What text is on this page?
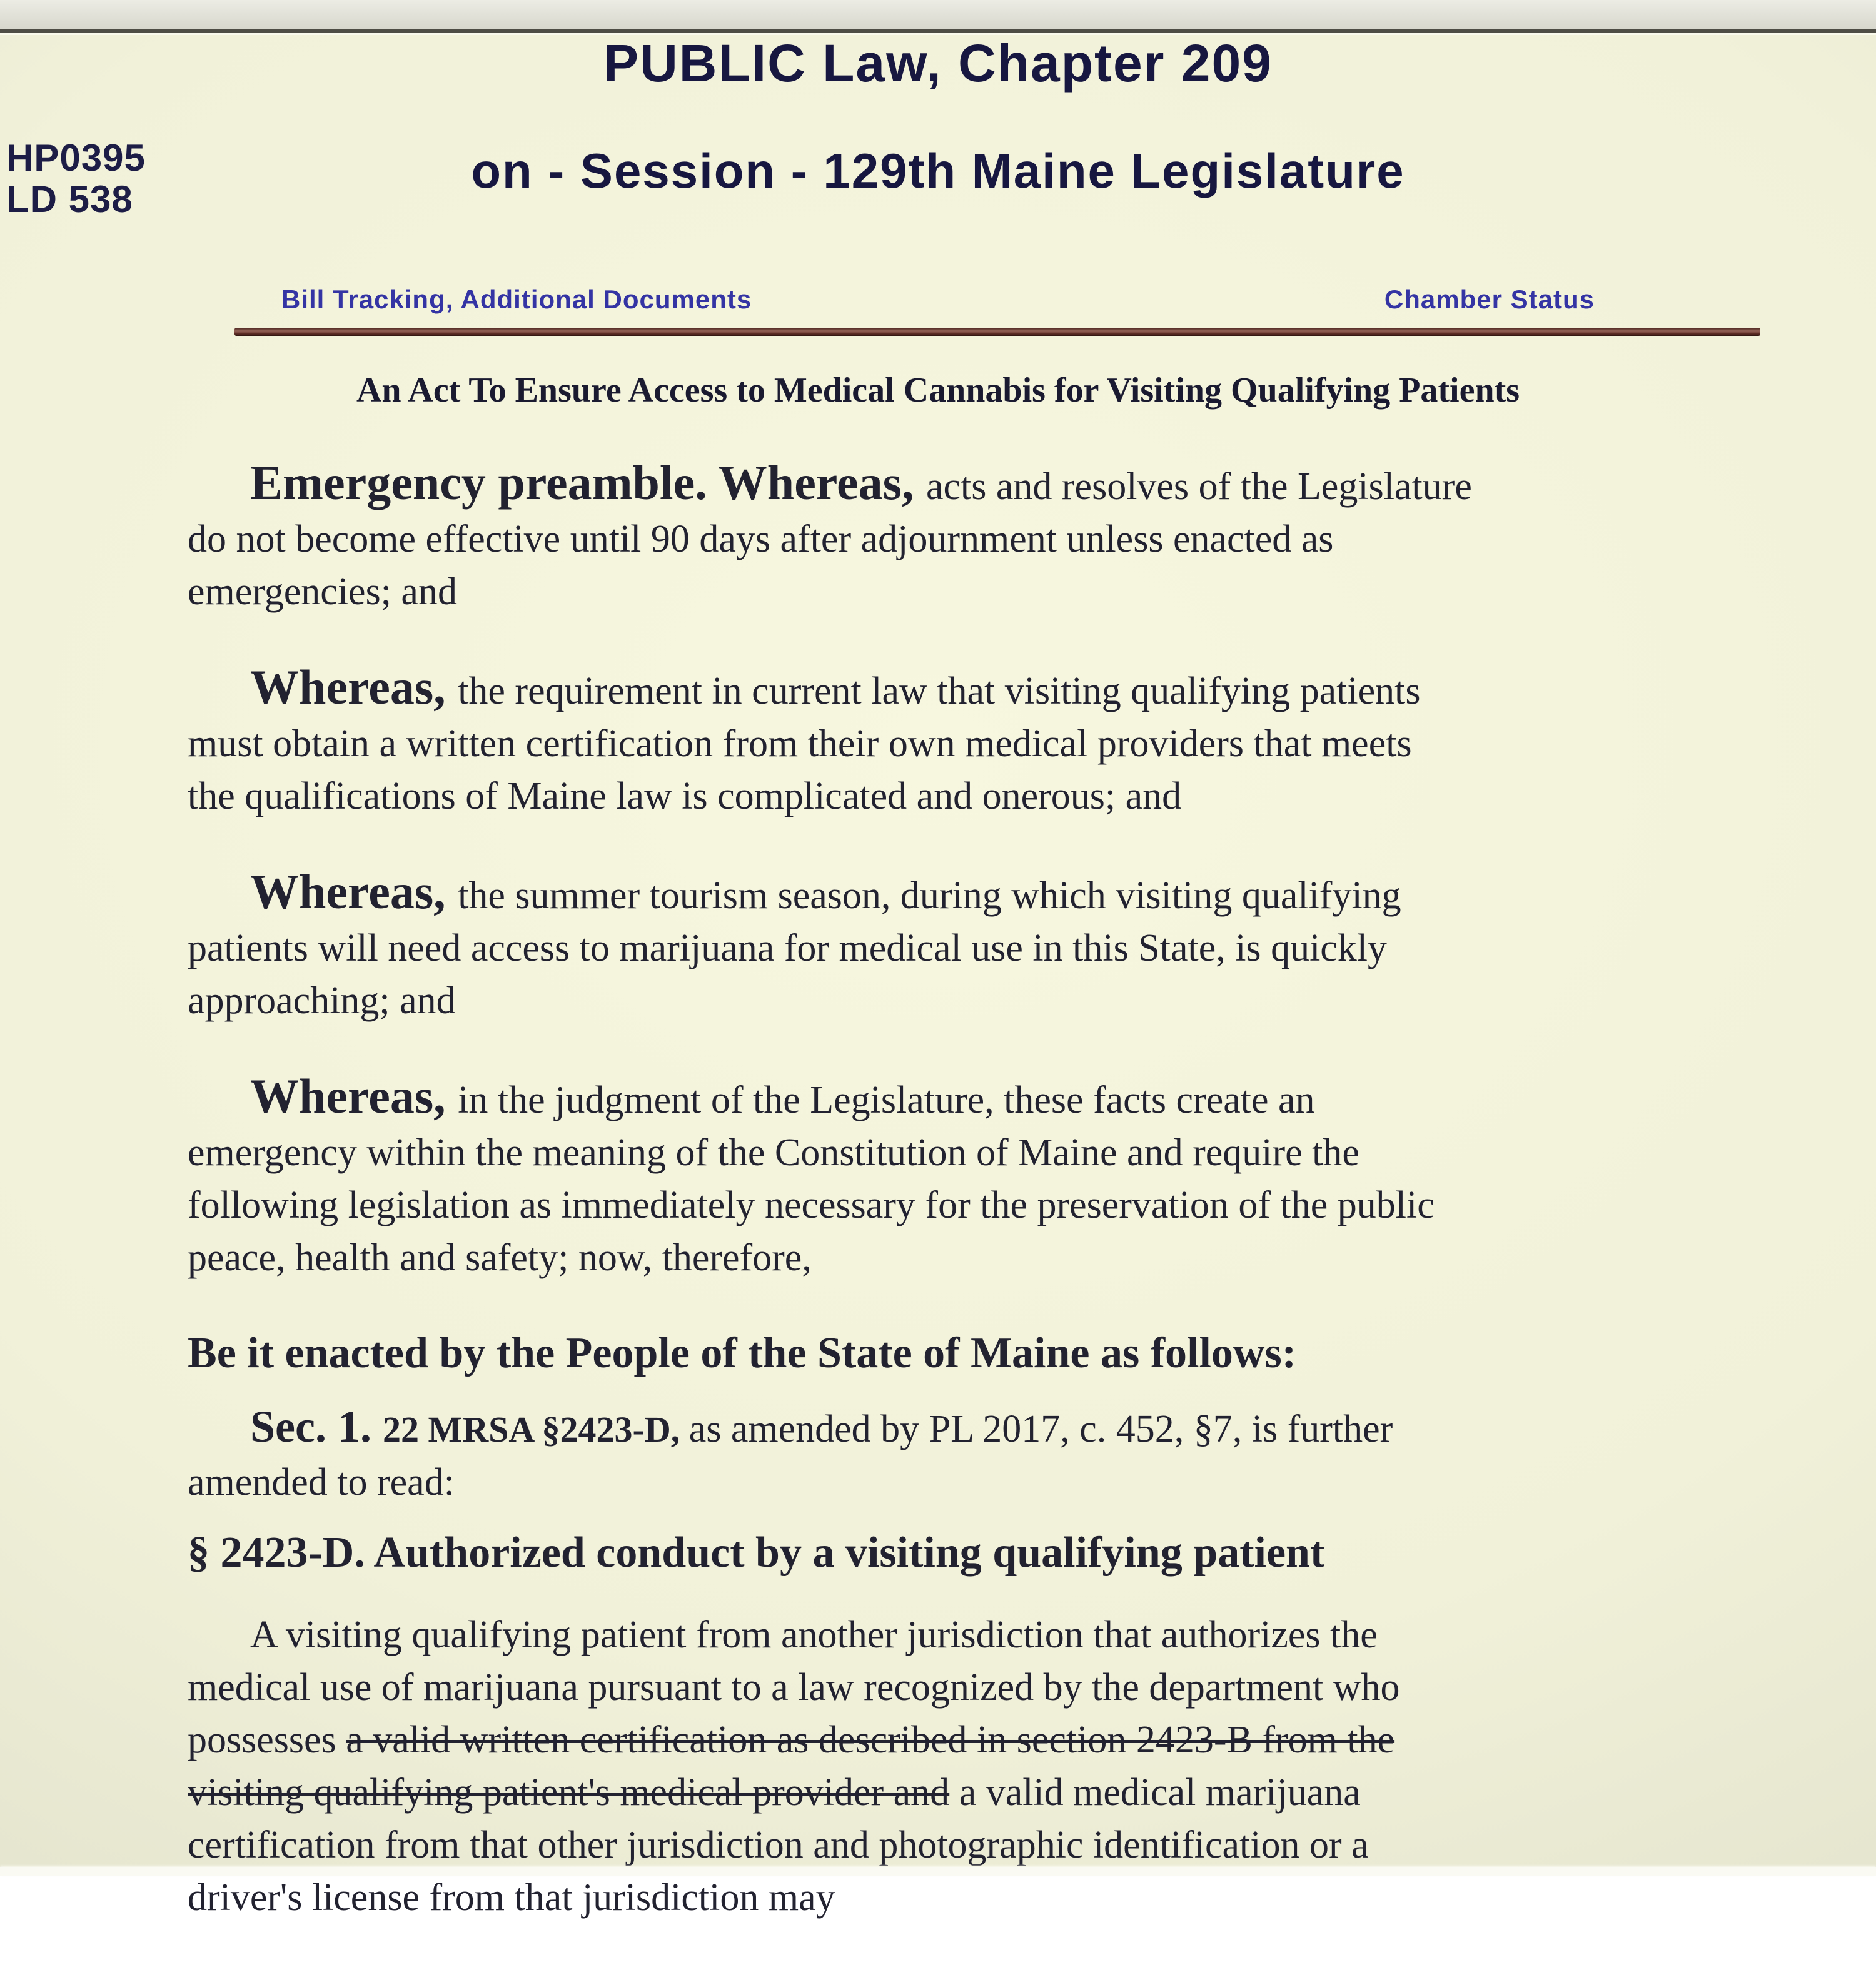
PUBLIC Law, Chapter 209
HP0395
LD 538
on - Session - 129th Maine Legislature
Bill Tracking, Additional Documents	Chamber Status
An Act To Ensure Access to Medical Cannabis for Visiting Qualifying Patients

Emergency preamble. Whereas, acts and resolves of the Legislature
do not become effective until 90 days after adjournment unless enacted as
emergencies; and

Whereas, the requirement in current law that visiting qualifying patients
must obtain a written certification from their own medical providers that meets
the qualifications of Maine law is complicated and onerous; and

Whereas, the summer tourism season, during which visiting qualifying
patients will need access to marijuana for medical use in this State, is quickly
approaching; and

Whereas, in the judgment of the Legislature, these facts create an
emergency within the meaning of the Constitution of Maine and require the
following legislation as immediately necessary for the preservation of the public
peace, health and safety; now, therefore,

Be it enacted by the People of the State of Maine as follows:

Sec. 1. 22 MRSA §2423-D, as amended by PL 2017, c. 452, §7, is further
amended to read:

§ 2423-D. Authorized conduct by a visiting qualifying patient

A visiting qualifying patient from another jurisdiction that authorizes the
medical use of marijuana pursuant to a law recognized by the department who
possesses a valid written certification as described in section 2423-B from the
visiting qualifying patient's medical provider and a valid medical marijuana
certification from that other jurisdiction and photographic identification or a
driver's license from that jurisdiction may
